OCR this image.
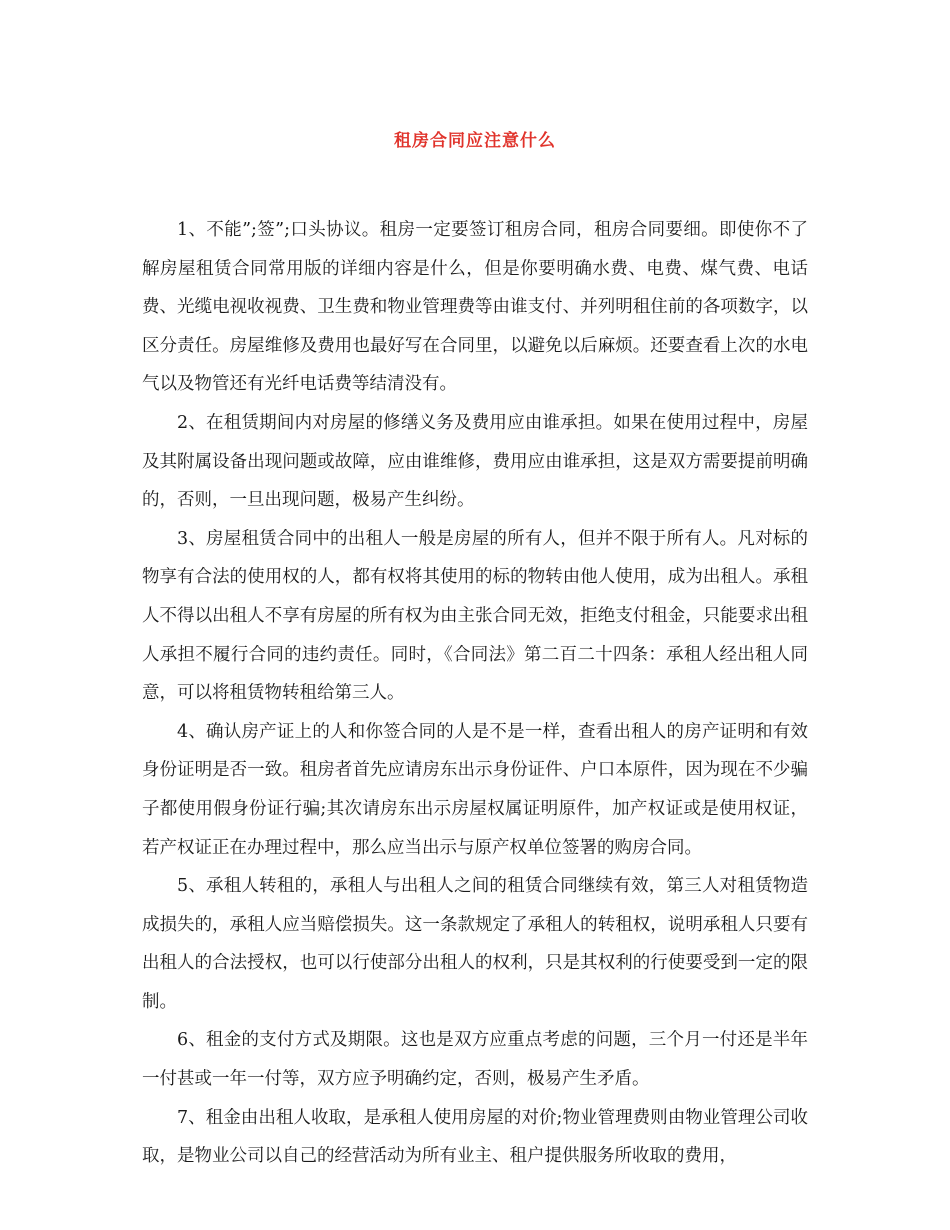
租房合同应注意什么

1、不能”;签”;口头协议。租房一定要签订租房合同，租房合同要细。即使你不了解房屋租赁合同常用版的详细内容是什么，但是你要明确水费、电费、煤气费、电话费、光缆电视收视费、卫生费和物业管理费等由谁支付、并列明租住前的各项数字，以区分责任。房屋维修及费用也最好写在合同里，以避免以后麻烦。还要查看上次的水电气以及物管还有光纤电话费等结清没有。

2、在租赁期间内对房屋的修缮义务及费用应由谁承担。如果在使用过程中，房屋及其附属设备出现问题或故障，应由谁维修，费用应由谁承担，这是双方需要提前明确的，否则，一旦出现问题，极易产生纠纷。

3、房屋租赁合同中的出租人一般是房屋的所有人，但并不限于所有人。凡对标的物享有合法的使用权的人，都有权将其使用的标的物转由他人使用，成为出租人。承租人不得以出租人不享有房屋的所有权为由主张合同无效，拒绝支付租金，只能要求出租人承担不履行合同的违约责任。同时，《合同法》第二百二十四条：承租人经出租人同意，可以将租赁物转租给第三人。

4、确认房产证上的人和你签合同的人是不是一样，查看出租人的房产证明和有效身份证明是否一致。租房者首先应请房东出示身份证件、户口本原件，因为现在不少骗子都使用假身份证行骗;其次请房东出示房屋权属证明原件，加产权证或是使用权证，若产权证正在办理过程中，那么应当出示与原产权单位签署的购房合同。

5、承租人转租的，承租人与出租人之间的租赁合同继续有效，第三人对租赁物造成损失的，承租人应当赔偿损失。这一条款规定了承租人的转租权，说明承租人只要有出租人的合法授权，也可以行使部分出租人的权利，只是其权利的行使要受到一定的限制。

6、租金的支付方式及期限。这也是双方应重点考虑的问题，三个月一付还是半年一付甚或一年一付等，双方应予明确约定，否则，极易产生矛盾。

7、租金由出租人收取，是承租人使用房屋的对价;物业管理费则由物业管理公司收取，是物业公司以自己的经营活动为所有业主、租户提供服务所收取的费用，
